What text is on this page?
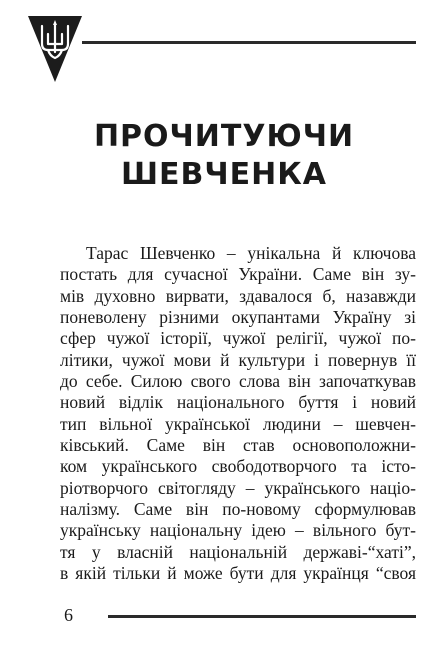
ПРОЧИТУЮЧИ
ШЕВЧЕНКА
Тарас Шевченко – унікальна й ключова
постать для сучасної України. Саме він зу-
мів духовно вирвати, здавалося б, назавжди
поневолену різними окупантами Україну зі
сфер чужої історії, чужої релігії, чужої по-
літики, чужої мови й культури і повернув її
до себе. Силою свого слова він започаткував
новий відлік національного буття і новий
тип вільної української людини – шевчен-
ківський. Саме він став основоположни-
ком українського свободотворчого та істо-
ріотворчого світогляду – українського націо-
налізму. Саме він по-новому сформулював
українську національну ідею – вільного бут-
тя у власній національній державі-“хаті”,
в якій тільки й може бути для українця “своя
6
